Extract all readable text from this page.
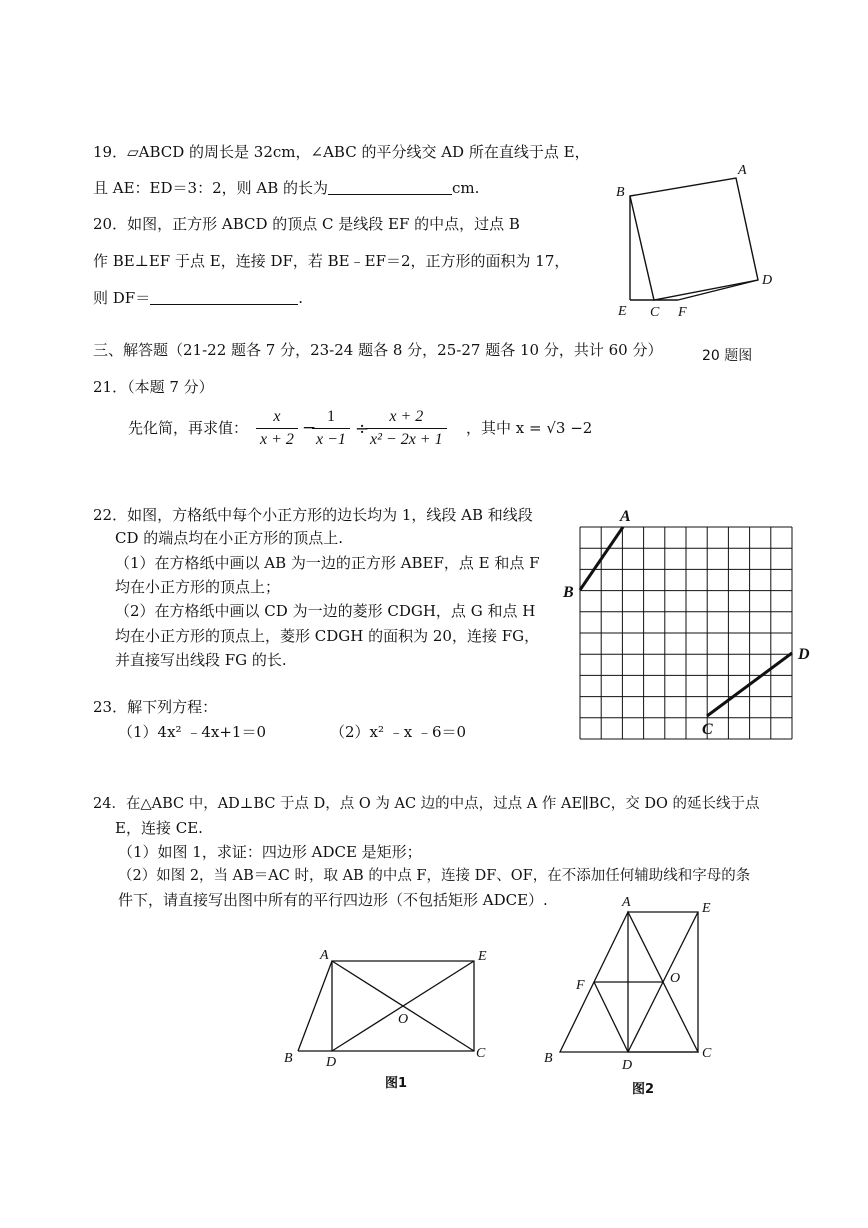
19．▱ABCD 的周长是 32cm，∠ABC 的平分线交 AD 所在直线于点 E，
且 AE：ED＝3：2，则 AB 的长为	cm.
20．如图，正方形 ABCD 的顶点 C 是线段 EF 的中点，过点 B
作 BE⊥EF 于点 E，连接 DF，若 BE﹣EF＝2，正方形的面积为 17，
则 DF＝	.
A
B
D
E C F
20 题图
三、解答题（21-22 题各 7 分，23-24 题各 8 分，25-27 题各 10 分，共计 60 分）
21．（本题 7 分）
先化简，再求值： $\frac{x}{x + 2}$ −
$\frac{1}{x -1}$ ÷
$\frac{x + 2}{\text{x² − 2x + 1}}$ ，其中 x = √3 −2
22．如图，方格纸中每个小正方形的边长均为 1，线段 AB 和线段
CD 的端点均在小正方形的顶点上.
（1）在方格纸中画以 AB 为一边的正方形 ABEF，点 E 和点 F
均在小正方形的顶点上；
（2）在方格纸中画以 CD 为一边的菱形 CDGH，点 G 和点 H
均在小正方形的顶点上，菱形 CDGH 的面积为 20，连接 FG，
并直接写出线段 FG 的长.
A
B
D
C
23．解下列方程：
（1）4x² ﹣4x+1＝0	（2）x² ﹣x ﹣6＝0
24．在△ABC 中，AD⊥BC 于点 D，点 O 为 AC 边的中点，过点 A 作 AE∥BC，交 DO 的延长线于点
E，连接 CE.
（1）如图 1，求证：四边形 ADCE 是矩形；
（2）如图 2，当 AB＝AC 时，取 AB 的中点 F，连接 DF、OF，在不添加任何辅助线和字母的条
件下，请直接写出图中所有的平行四边形（不包括矩形 ADCE）.
A	E
O
B D
C
图1
A	E
F	O
B	D
C
图2
